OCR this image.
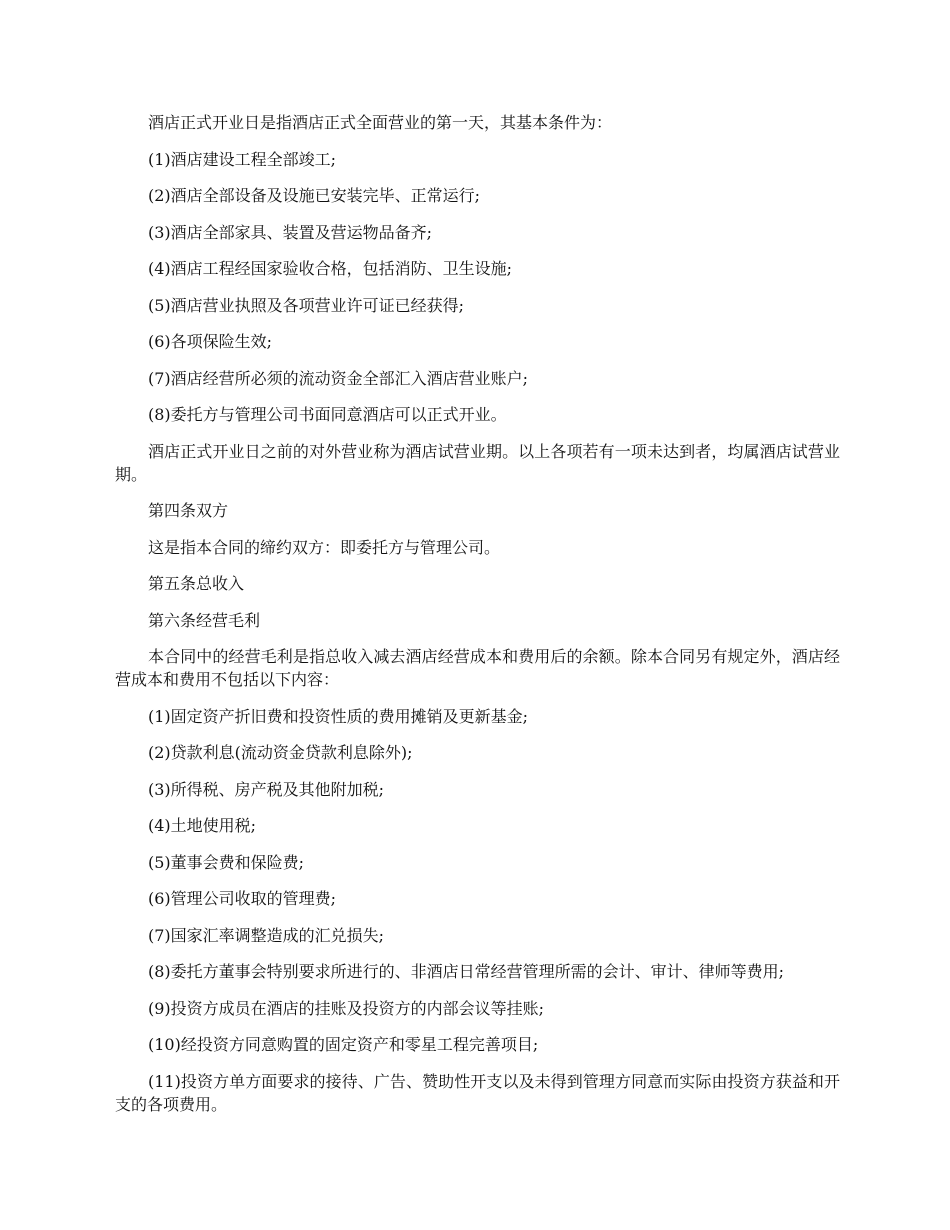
酒店正式开业日是指酒店正式全面营业的第一天，其基本条件为：

(1)酒店建设工程全部竣工;

(2)酒店全部设备及设施已安装完毕、正常运行;

(3)酒店全部家具、装置及营运物品备齐;

(4)酒店工程经国家验收合格，包括消防、卫生设施;

(5)酒店营业执照及各项营业许可证已经获得;

(6)各项保险生效;

(7)酒店经营所必须的流动资金全部汇入酒店营业账户;

(8)委托方与管理公司书面同意酒店可以正式开业。

酒店正式开业日之前的对外营业称为酒店试营业期。以上各项若有一项未达到者，均属酒店试营业期。

第四条双方

这是指本合同的缔约双方：即委托方与管理公司。

第五条总收入

第六条经营毛利

本合同中的经营毛利是指总收入减去酒店经营成本和费用后的余额。除本合同另有规定外，酒店经营成本和费用不包括以下内容：

(1)固定资产折旧费和投资性质的费用摊销及更新基金;

(2)贷款利息(流动资金贷款利息除外);

(3)所得税、房产税及其他附加税;

(4)土地使用税;

(5)董事会费和保险费;

(6)管理公司收取的管理费;

(7)国家汇率调整造成的汇兑损失;

(8)委托方董事会特别要求所进行的、非酒店日常经营管理所需的会计、审计、律师等费用;

(9)投资方成员在酒店的挂账及投资方的内部会议等挂账;

(10)经投资方同意购置的固定资产和零星工程完善项目;

(11)投资方单方面要求的接待、广告、赞助性开支以及未得到管理方同意而实际由投资方获益和开支的各项费用。
